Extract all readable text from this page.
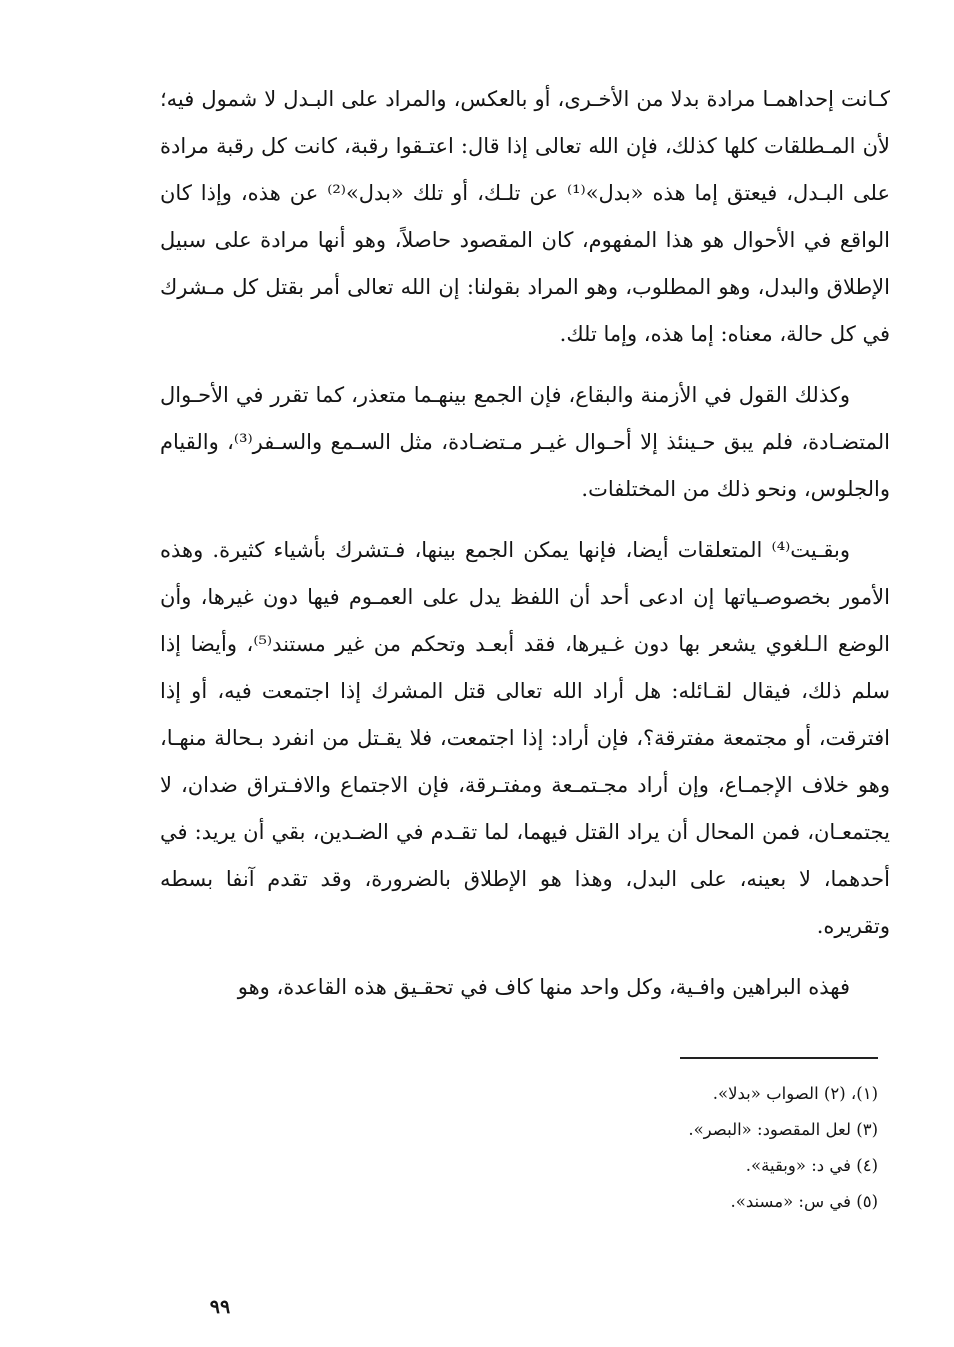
كـانت إحداهمـا مرادة بدلا من الأخـرى، أو بالعكس، والمراد على البـدل لا شمول فيه؛ لأن المـطلقات كلها كذلك، فإن الله تعالى إذا قال: اعتـقوا رقبة، كانت كل رقبة مرادة على البـدل، فيعتق إما هذه «بدل»⁽¹⁾ عن تلـك، أو تلك «بدل»⁽²⁾ عن هذه، وإذا كان الواقع في الأحوال هو هذا المفهوم، كان المقصود حاصلاً، وهو أنها مرادة على سبيل الإطلاق والبدل، وهو المطلوب، وهو المراد بقولنا: إن الله تعالى أمر بقتل كل مـشرك في كل حالة، معناه: إما هذه، وإما تلك.

وكذلك القول في الأزمنة والبقاع، فإن الجمع بينهـما متعذر، كما تقرر في الأحـوال المتضـادة، فلم يبق حـينئذ إلا أحـوال غيـر مـتضـادة، مثل السـمع والسـفر⁽³⁾، والقيام والجلوس، ونحو ذلك من المختلفات.

وبقـيت⁽⁴⁾ المتعلقات أيضا، فإنها يمكن الجمع بينها، فـتشرك بأشياء كثيرة. وهذه الأمور بخصوصـياتها إن ادعى أحد أن اللفظ يدل على العمـوم فيها دون غيرها، وأن الوضع الـلغوي يشعر بها دون غـيرها، فقد أبعـد وتحكم من غير مستند⁽⁵⁾، وأيضا إذا سلم ذلك، فيقال لقـائله: هل أراد الله تعالى قتل المشرك إذا اجتمعت فيه، أو إذا افترقت، أو مجتمعة مفترقة؟، فإن أراد: إذا اجتمعت، فلا يقـتل من انفرد بـحالة منهـا، وهو خلاف الإجمـاع، وإن أراد مجـتمـعة ومفتـرقة، فإن الاجتماع والافـتراق ضدان، لا يجتمعـان، فمن المحال أن يراد القتل فيهما، لما تقـدم في الضـدين، بقي أن يريد: في أحدهما، لا بعينه، على البدل، وهذا هو الإطلاق بالضرورة، وقد تقدم آنفا بسطه وتقريره.

فهذه البراهين وافـية، وكل واحد منها كاف في تحقـيق هذه القاعدة، وهو

(١)، (٢) الصواب «بدلا».
(٣) لعل المقصود: «البصر».
(٤) في د: «وبقية».
(٥) في س: «مسند».
٩٩
